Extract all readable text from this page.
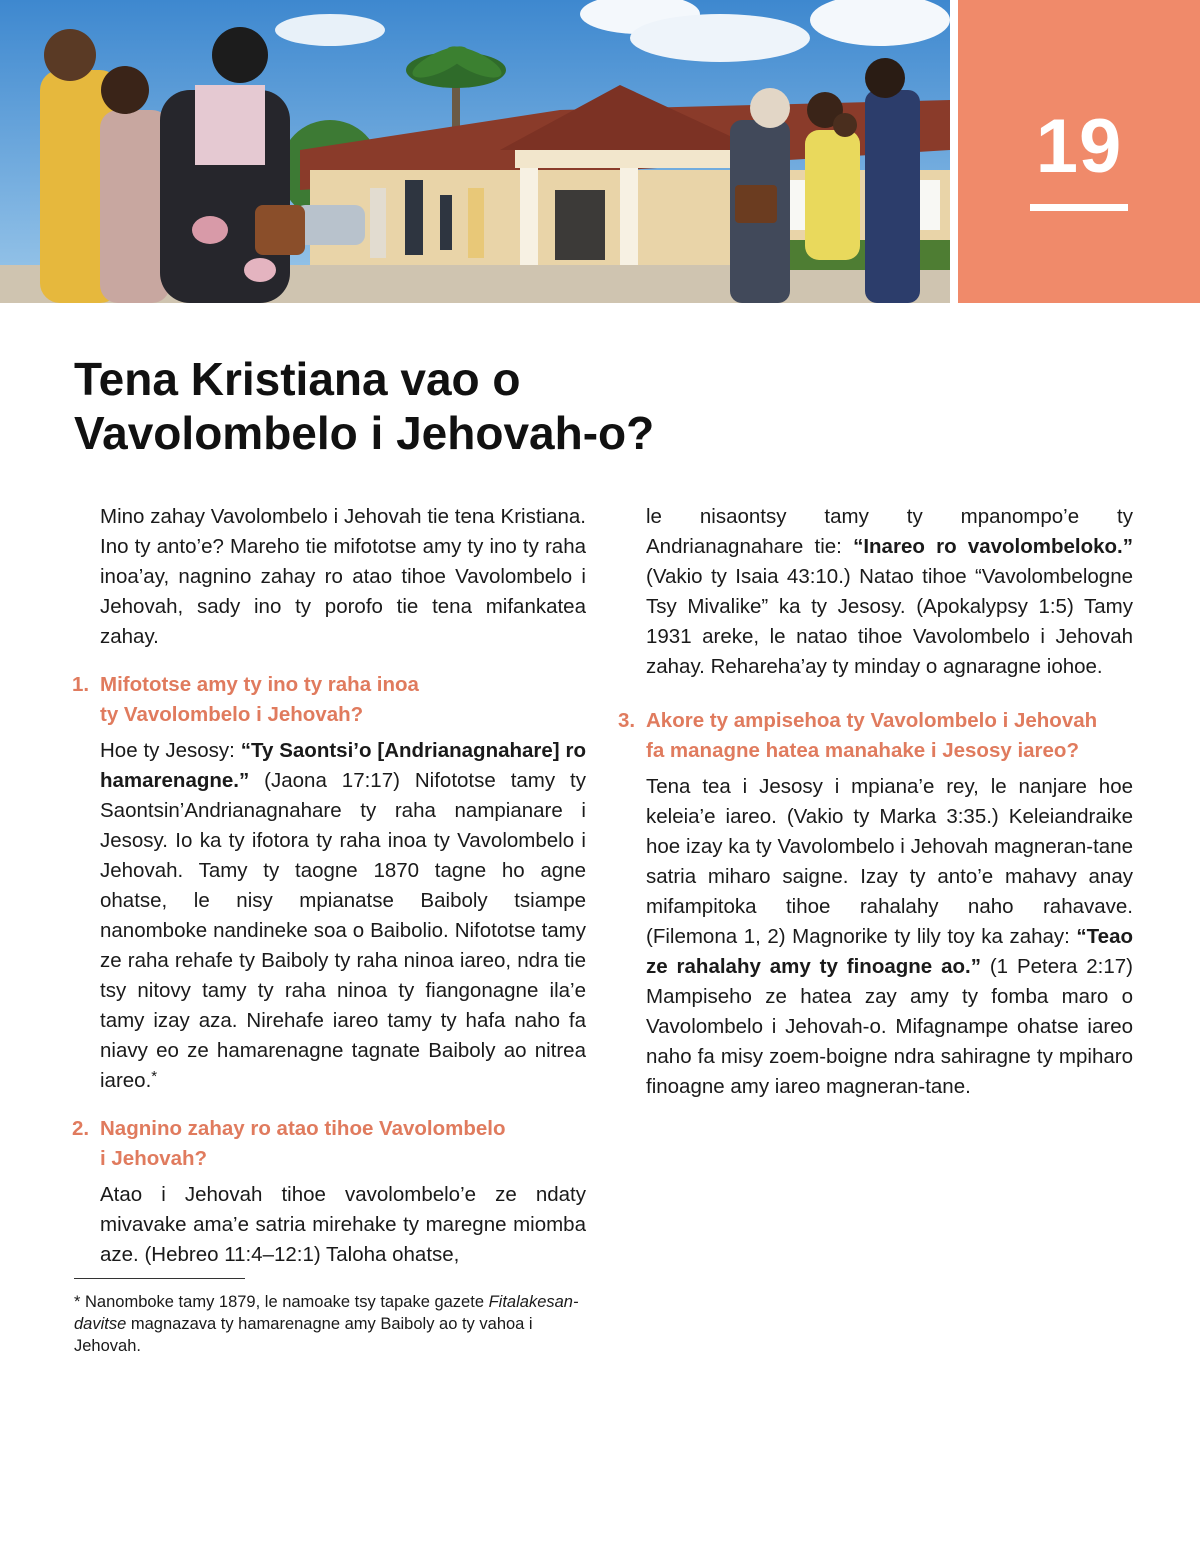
19
Tena Kristiana vao o
Vavolombelo i Jehovah-o?

Mino zahay Vavolombelo i Jehovah tie tena Kristiana. Ino ty anto’e? Mareho tie mifototse amy ty ino ty raha inoa’ay, nagnino zahay ro atao tihoe Vavolombelo i Jehovah, sady ino ty porofo tie tena mifankatea zahay.

1. Mifototse amy ty ino ty raha inoa
ty Vavolombelo i Jehovah?

Hoe ty Jesosy: “Ty Saontsi’o [Andrianagnahare] ro hamarenagne.” (Jaona 17:17) Nifototse tamy ty Saontsin’Andrianagnahare ty raha nampianare i Jesosy. Io ka ty ifotora ty raha inoa ty Vavolombelo i Jehovah. Tamy ty taogne 1870 tagne ho agne ohatse, le nisy mpianatse Baiboly tsiampe nanomboke nandineke soa o Baibolio. Nifototse tamy ze raha rehafe ty Baiboly ty raha ninoa iareo, ndra tie tsy nitovy tamy ty raha ninoa ty fiangonagne ila’e tamy izay aza. Nirehafe iareo tamy ty hafa naho fa niavy eo ze hamarenagne tagnate Baiboly ao nitrea iareo.*

2. Nagnino zahay ro atao tihoe Vavolombelo
i Jehovah?

Atao i Jehovah tihoe vavolombelo’e ze ndaty mivavake ama’e satria mirehake ty maregne miomba aze. (Hebreo 11:4–12:1) Taloha ohatse,

le nisaontsy tamy ty mpanompo’e ty Andrianagnahare tie: “Inareo ro vavolombeloko.” (Vakio ty Isaia 43:10.) Natao tihoe “Vavolombelogne Tsy Mivalike” ka ty Jesosy. (Apokalypsy 1:5) Tamy 1931 areke, le natao tihoe Vavolombelo i Jehovah zahay. Rehareha’ay ty minday o agnaragne iohoe.

3. Akore ty ampisehoa ty Vavolombelo i Jehovah
fa managne hatea manahake i Jesosy iareo?

Tena tea i Jesosy i mpiana’e rey, le nanjare hoe keleia’e iareo. (Vakio ty Marka 3:35.) Keleiandraike hoe izay ka ty Vavolombelo i Jehovah magneran-tane satria miharo saigne. Izay ty anto’e mahavy anay mifampitoka tihoe rahalahy naho rahavave. (Filemona 1, 2) Magnorike ty lily toy ka zahay: “Teao ze rahalahy amy ty finoagne ao.” (1 Petera 2:17) Mampiseho ze hatea zay amy ty fomba maro o Vavolombelo i Jehovah-o. Mifagnampe ohatse iareo naho fa misy zoem-boigne ndra sahiragne ty mpiharo finoagne amy iareo magneran-tane.

* Nanomboke tamy 1879, le namoake tsy tapake gazete Fitalakesan-davitse magnazava ty hamarenagne amy Baiboly ao ty vahoa i Jehovah.
